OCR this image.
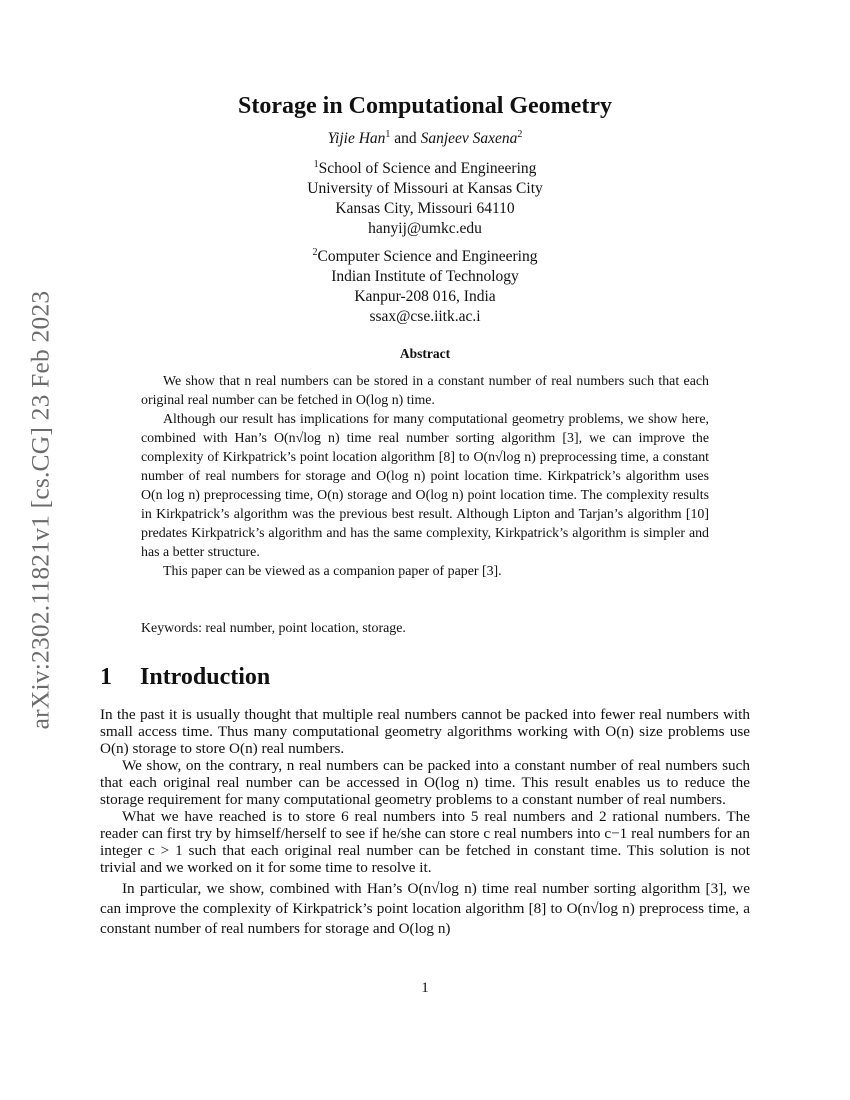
arXiv:2302.11821v1 [cs.CG] 23 Feb 2023
Storage in Computational Geometry
Yijie Han$^1$ and Sanjeev Saxena$^2$
$^1$School of Science and Engineering
University of Missouri at Kansas City
Kansas City, Missouri 64110
hanyij@umkc.edu
$^2$Computer Science and Engineering
Indian Institute of Technology
Kanpur-208 016, India
ssax@cse.iitk.ac.i
Abstract

We show that n real numbers can be stored in a constant number of real numbers such that each original real number can be fetched in O(log n) time.

Although our result has implications for many computational geometry problems, we show here, combined with Han’s O(n√log n) time real number sorting algorithm [3], we can improve the complexity of Kirkpatrick’s point location algorithm [8] to O(n√log n) preprocessing time, a constant number of real numbers for storage and O(log n) point location time. Kirkpatrick’s algorithm uses O(n log n) preprocessing time, O(n) storage and O(log n) point location time. The complexity results in Kirkpatrick’s algorithm was the previous best result. Although Lipton and Tarjan’s algorithm [10] predates Kirkpatrick’s algorithm and has the same complexity, Kirkpatrick’s algorithm is simpler and has a better structure.

This paper can be viewed as a companion paper of paper [3].

Keywords: real number, point location, storage.
1 Introduction

In the past it is usually thought that multiple real numbers cannot be packed into fewer real numbers with small access time. Thus many computational geometry algorithms working with O(n) size problems use O(n) storage to store O(n) real numbers.

We show, on the contrary, n real numbers can be packed into a constant number of real numbers such that each original real number can be accessed in O(log n) time. This result enables us to reduce the storage requirement for many computational geometry problems to a constant number of real numbers.

What we have reached is to store 6 real numbers into 5 real numbers and 2 rational numbers. The reader can first try by himself/herself to see if he/she can store c real numbers into c−1 real numbers for an integer c > 1 such that each original real number can be fetched in constant time. This solution is not trivial and we worked on it for some time to resolve it.

In particular, we show, combined with Han’s O(n√log n) time real number sorting algorithm [3], we can improve the complexity of Kirkpatrick’s point location algorithm [8] to O(n√log n) preprocess time, a constant number of real numbers for storage and O(log n)

1
